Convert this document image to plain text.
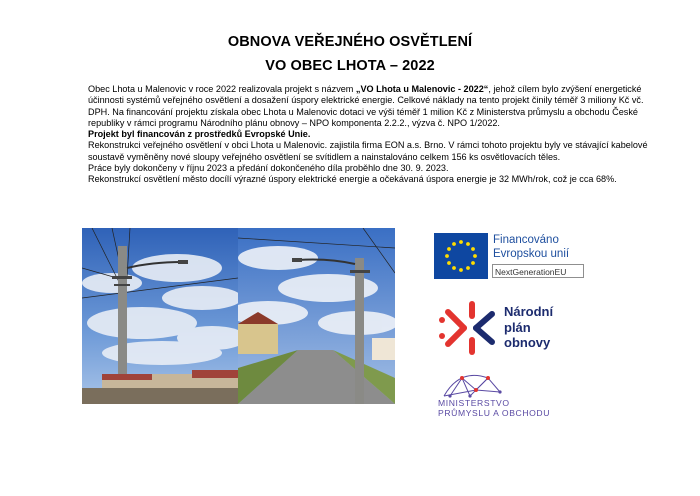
OBNOVA VEŘEJNÉHO OSVĚTLENÍ
VO OBEC LHOTA – 2022

Obec Lhota u Malenovic v roce 2022 realizovala projekt s názvem „VO Lhota u Malenovic - 2022“, jehož cílem bylo zvýšení energetické účinnosti systémů veřejného osvětlení a dosažení úspory elektrické energie. Celkové náklady na tento projekt činily téměř 3 miliony Kč vč. DPH. Na financování projektu získala obec Lhota u Malenovic dotaci ve výši téměř 1 milion Kč z Ministerstva průmyslu a obchodu České republiky v rámci programu Národního plánu obnovy – NPO komponenta 2.2.2., výzva č. NPO 1/2022.

Projekt byl financován z prostředků Evropské Unie.

Rekonstrukci veřejného osvětlení v obci Lhota u Malenovic. zajistila firma EON a.s. Brno. V rámci tohoto projektu byly ve stávající kabelové soustavě vyměněny nové sloupy veřejného osvětlení se svítidlem a nainstalováno celkem 156 ks osvětlovacích těles.

Práce byly dokončeny v říjnu 2023 a předání dokončeného díla proběhlo dne 30. 9. 2023.

Rekonstrukcí osvětlení město docílí výrazné úspory elektrické energie a očekávaná úspora energie je 32 MWh/rok, což je cca 68%.

Financováno
Evropskou unií
NextGenerationEU
Národní
plán
obnovy
MINISTERSTVO
PRŮMYSLU A OBCHODU
